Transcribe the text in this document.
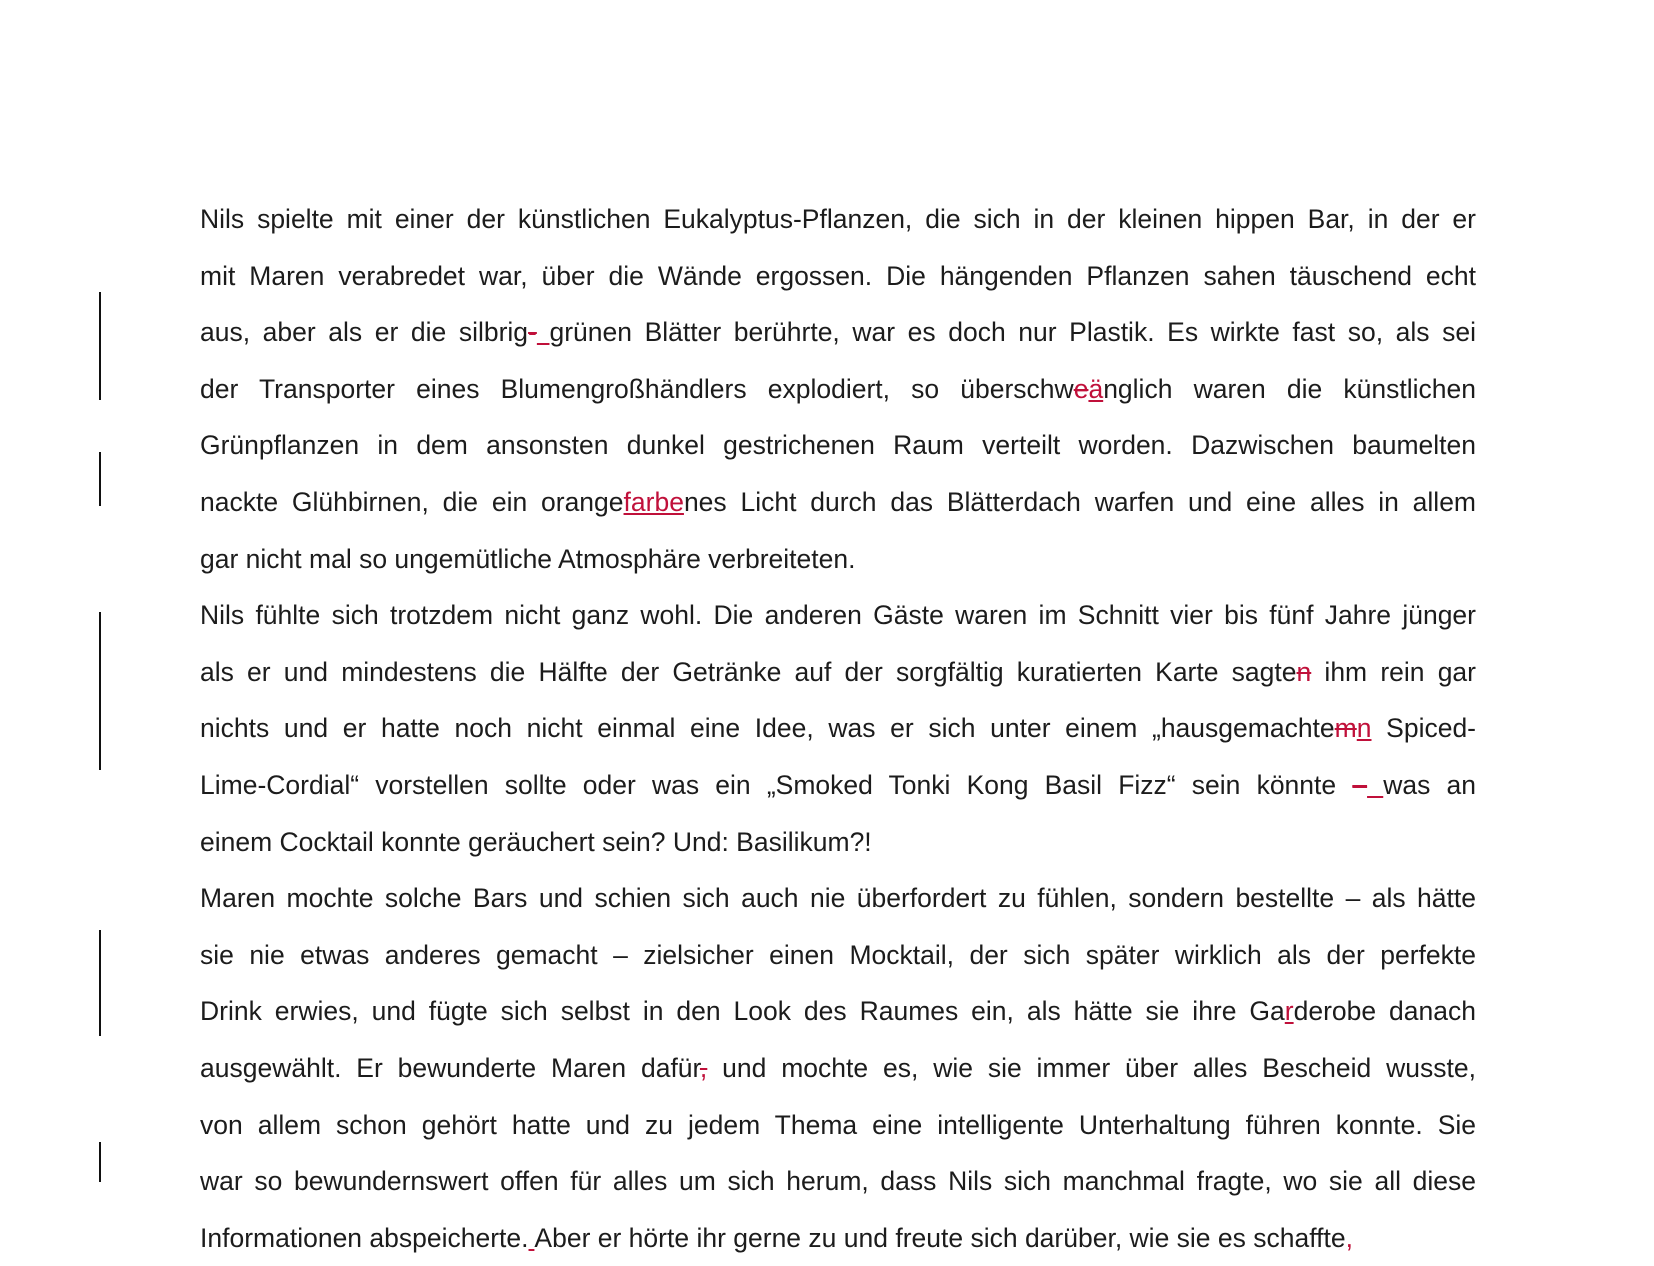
Nils spielte mit einer der künstlichen Eukalyptus-Pflanzen, die sich in der kleinen hippen Bar, in der er
mit Maren verabredet war, über die Wände ergossen. Die hängenden Pflanzen sahen täuschend echt
aus, aber als er die silbrig- grünen Blätter berührte, war es doch nur Plastik. Es wirkte fast so, als sei
der Transporter eines Blumengroßhändlers explodiert, so überschweänglich waren die künstlichen
Grünpflanzen in dem ansonsten dunkel gestrichenen Raum verteilt worden. Dazwischen baumelten
nackte Glühbirnen, die ein orangefarbenes Licht durch das Blätterdach warfen und eine alles in allem
gar nicht mal so ungemütliche Atmosphäre verbreiteten.
Nils fühlte sich trotzdem nicht ganz wohl. Die anderen Gäste waren im Schnitt vier bis fünf Jahre jünger
als er und mindestens die Hälfte der Getränke auf der sorgfältig kuratierten Karte sagten ihm rein gar
nichts und er hatte noch nicht einmal eine Idee, was er sich unter einem „hausgemachtemn Spiced-
Lime-Cordial“ vorstellen sollte oder was ein „Smoked Tonki Kong Basil Fizz“ sein könnte – was an
einem Cocktail konnte geräuchert sein? Und: Basilikum?!
Maren mochte solche Bars und schien sich auch nie überfordert zu fühlen, sondern bestellte – als hätte
sie nie etwas anderes gemacht – zielsicher einen Mocktail, der sich später wirklich als der perfekte
Drink erwies, und fügte sich selbst in den Look des Raumes ein, als hätte sie ihre Garderobe danach
ausgewählt. Er bewunderte Maren dafür, und mochte es, wie sie immer über alles Bescheid wusste,
von allem schon gehört hatte und zu jedem Thema eine intelligente Unterhaltung führen konnte. Sie
war so bewundernswert offen für alles um sich herum, dass Nils sich manchmal fragte, wo sie all diese
Informationen abspeicherte. Aber er hörte ihr gerne zu und freute sich darüber, wie sie es schaffte,
